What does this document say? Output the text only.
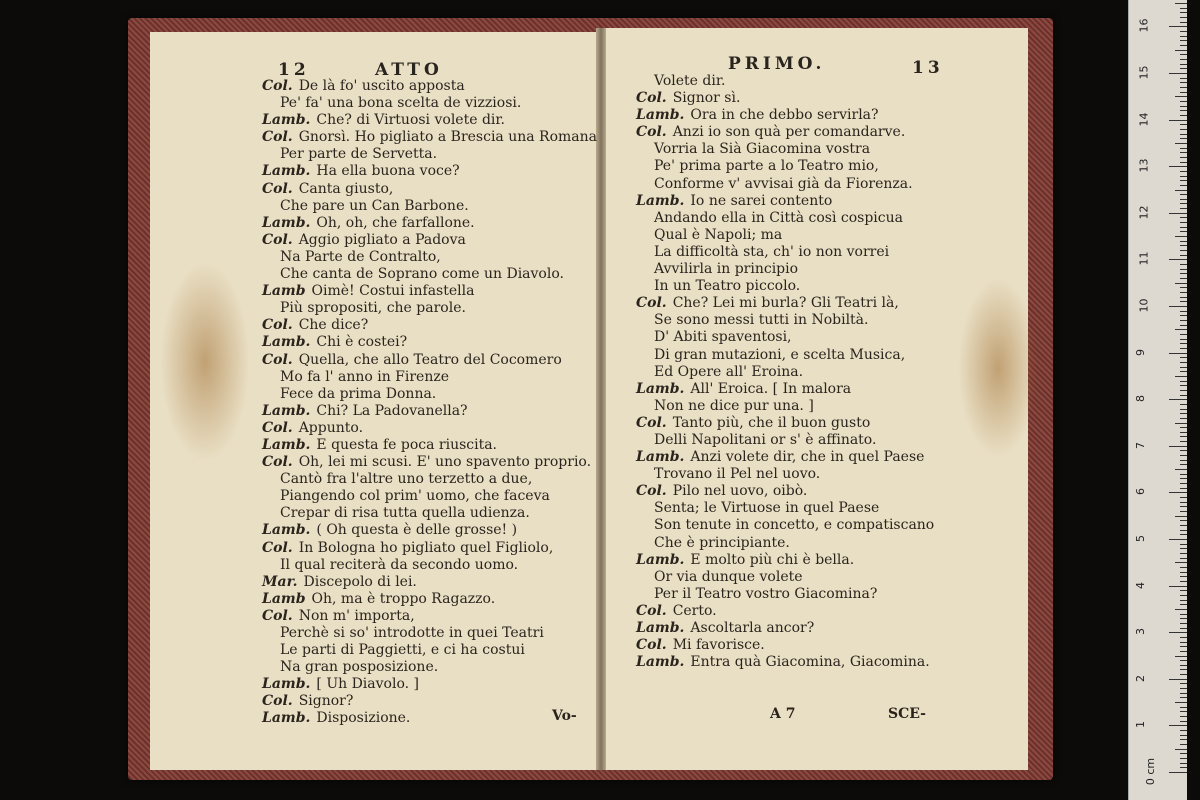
12	ATTO	PRIMO.	13
Col. De là fo' uscito apposta
Pe' fa' una bona scelta de vizziosi.
Lamb. Che? di Virtuosi volete dir.
Col. Gnorsì. Ho pigliato a Brescia una Romana
Per parte de Servetta.
Lamb. Ha ella buona voce?
Col. Canta giusto,
Che pare un Can Barbone.
Lamb. Oh, oh, che farfallone.
Col. Aggio pigliato a Padova
Na Parte de Contralto,
Che canta de Soprano come un Diavolo.
Lamb Oimè! Costui infastella
Più spropositi, che parole.
Col. Che dice?
Lamb. Chi è costei?
Col. Quella, che allo Teatro del Cocomero
Mo fa l' anno in Firenze
Fece da prima Donna.
Lamb. Chi? La Padovanella?
Col. Appunto.
Lamb. E questa fe poca riuscita.
Col. Oh, lei mi scusi. E' uno spavento proprio.
Cantò fra l'altre uno terzetto a due,
Piangendo col prim' uomo, che faceva
Crepar di risa tutta quella udienza.
Lamb. ( Oh questa è delle grosse! )
Col. In Bologna ho pigliato quel Figliolo,
Il qual reciterà da secondo uomo.
Mar. Discepolo di lei.
Lamb Oh, ma è troppo Ragazzo.
Col. Non m' importa,
Perchè si so' introdotte in quei Teatri
Le parti di Paggietti, e ci ha costui
Na gran posposizione.
Lamb. [ Uh Diavolo. ]
Col. Signor?
Lamb. Disposizione.
Volete dir.
Col. Signor sì.
Lamb. Ora in che debbo servirla?
Col. Anzi io son quà per comandarve.
Vorria la Sià Giacomina vostra
Pe' prima parte a lo Teatro mio,
Conforme v' avvisai già da Fiorenza.
Lamb. Io ne sarei contento
Andando ella in Città così cospicua
Qual è Napoli; ma
La difficoltà sta, ch' io non vorrei
Avvilirla in principio
In un Teatro piccolo.
Col. Che? Lei mi burla? Gli Teatri là,
Se sono messi tutti in Nobiltà.
D' Abiti spaventosi,
Di gran mutazioni, e scelta Musica,
Ed Opere all' Eroina.
Lamb. All' Eroica. [ In malora
Non ne dice pur una. ]
Col. Tanto più, che il buon gusto
Delli Napolitani or s' è affinato.
Lamb. Anzi volete dir, che in quel Paese
Trovano il Pel nel uovo.
Col. Pilo nel uovo, oibò.
Senta; le Virtuose in quel Paese
Son tenute in concetto, e compatiscano
Che è principiante.
Lamb. E molto più chi è bella.
Or via dunque volete
Per il Teatro vostro Giacomina?
Col. Certo.
Lamb. Ascoltarla ancor?
Col. Mi favorisce.
Lamb. Entra quà Giacomina, Giacomina.
Vo-	A 7	SCE-
0 cm
1
2
3
4
5
6
7
8
9
10
11
12
13
14
15
16
